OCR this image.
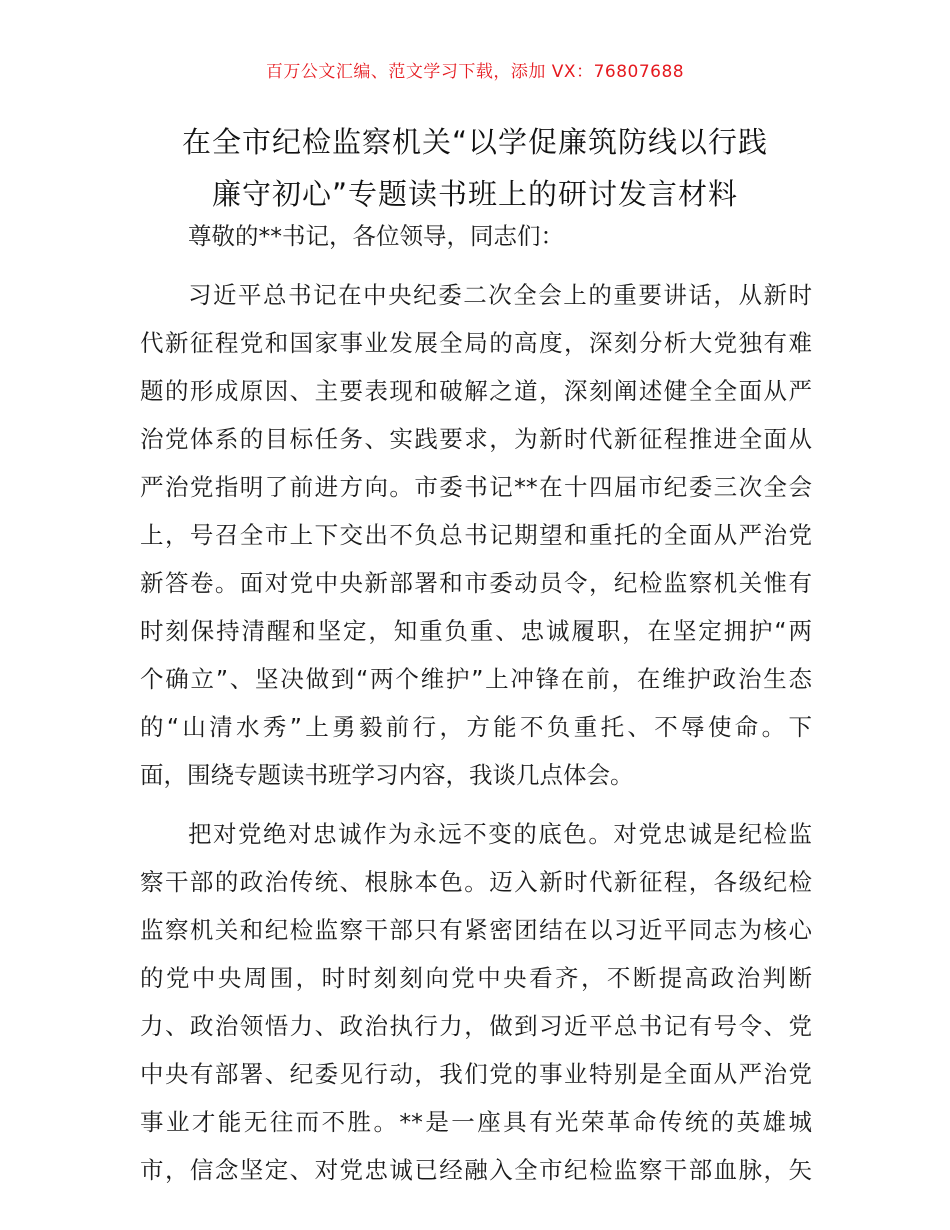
百万公文汇编、范文学习下载，添加 VX：76807688
在全市纪检监察机关“以学促廉筑防线以行践
廉守初心”专题读书班上的研讨发言材料
尊敬的**书记，各位领导，同志们：
习近平总书记在中央纪委二次全会上的重要讲话，从新时
代新征程党和国家事业发展全局的高度，深刻分析大党独有难
题的形成原因、主要表现和破解之道，深刻阐述健全全面从严
治党体系的目标任务、实践要求，为新时代新征程推进全面从
严治党指明了前进方向。市委书记**在十四届市纪委三次全会
上，号召全市上下交出不负总书记期望和重托的全面从严治党
新答卷。面对党中央新部署和市委动员令，纪检监察机关惟有
时刻保持清醒和坚定，知重负重、忠诚履职，在坚定拥护“两
个确立”、坚决做到“两个维护”上冲锋在前，在维护政治生态
的“山清水秀”上勇毅前行，方能不负重托、不辱使命。下
面，围绕专题读书班学习内容，我谈几点体会。
把对党绝对忠诚作为永远不变的底色。对党忠诚是纪检监
察干部的政治传统、根脉本色。迈入新时代新征程，各级纪检
监察机关和纪检监察干部只有紧密团结在以习近平同志为核心
的党中央周围，时时刻刻向党中央看齐，不断提高政治判断
力、政治领悟力、政治执行力，做到习近平总书记有号令、党
中央有部署、纪委见行动，我们党的事业特别是全面从严治党
事业才能无往而不胜。**是一座具有光荣革命传统的英雄城
市，信念坚定、对党忠诚已经融入全市纪检监察干部血脉，矢
